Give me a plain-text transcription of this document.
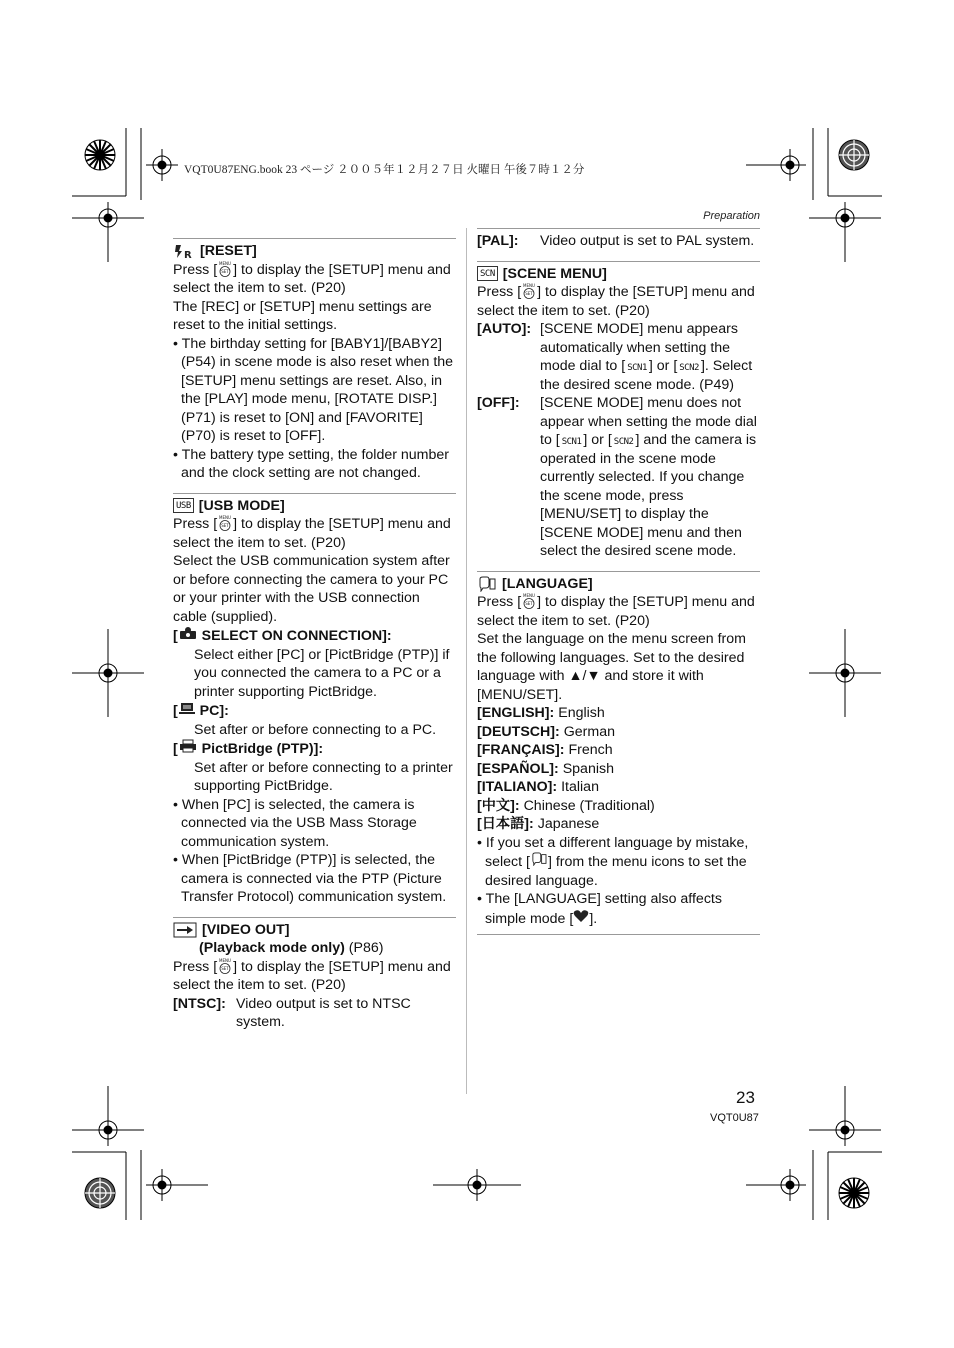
VQT0U87ENG.book 23 ページ ２００５年１２月２７日 火曜日 午後７時１２分
Preparation
R [RESET]

Press [ MENU
SET ] to display the [SETUP] menu and select the item to set. (P20)

The [REC] or [SETUP] menu settings are reset to the initial settings.

• The birthday setting for [BABY1]/[BABY2] (P54) in scene mode is also reset when the [SETUP] menu settings are reset. Also, in the [PLAY] mode menu, [ROTATE DISP.] (P71) is reset to [ON] and [FAVORITE] (P70) is reset to [OFF].

• The battery type setting, the folder number and the clock setting are not changed.

USB [USB MODE]

Press [ MENU
SET ] to display the [SETUP] menu and select the item to set. (P20)

Select the USB communication system after or before connecting the camera to your PC or your printer with the USB connection cable (supplied).

[ SELECT ON CONNECTION]:

Select either [PC] or [PictBridge (PTP)] if you connected the camera to a PC or a printer supporting PictBridge.

[ PC]:

Set after or before connecting to a PC.

[ PictBridge (PTP)]:

Set after or before connecting to a printer supporting PictBridge.

• When [PC] is selected, the camera is connected via the USB Mass Storage communication system.

• When [PictBridge (PTP)] is selected, the camera is connected via the PTP (Picture Transfer Protocol) communication system.

[VIDEO OUT]

(Playback mode only) (P86)

Press [ MENU
SET ] to display the [SETUP] menu and select the item to set. (P20)

[NTSC]: Video output is set to NTSC system.
[PAL]:	Video output is set to PAL system.
SCN [SCENE MENU]

Press [ MENU
SET ] to display the [SETUP] menu and select the item to set. (P20)

[AUTO]: [SCENE MODE] menu appears automatically when setting the mode dial to [ SCN1 ] or [ SCN2 ]. Select the desired scene mode. (P49)
[OFF]:	[SCENE MODE] menu does not appear when setting the mode dial to [ SCN1 ] or [ SCN2 ] and the camera is operated in the scene mode currently selected. If you change the scene mode, press [MENU/SET] to display the [SCENE MODE] menu and then select the desired scene mode.
[LANGUAGE]

Press [ MENU
SET ] to display the [SETUP] menu and select the item to set. (P20)

Set the language on the menu screen from the following languages. Set to the desired language with ▲/▼ and store it with [MENU/SET].

[ENGLISH]: English

[DEUTSCH]: German

[FRANÇAIS]: French

[ESPAÑOL]: Spanish

[ITALIANO]: Italian

[中文]: Chinese (Traditional)

[日本語]: Japanese

• If you set a different language by mistake, select [ ] from the menu icons to set the desired language.

• The [LANGUAGE] setting also affects simple mode [ ].

23
VQT0U87
